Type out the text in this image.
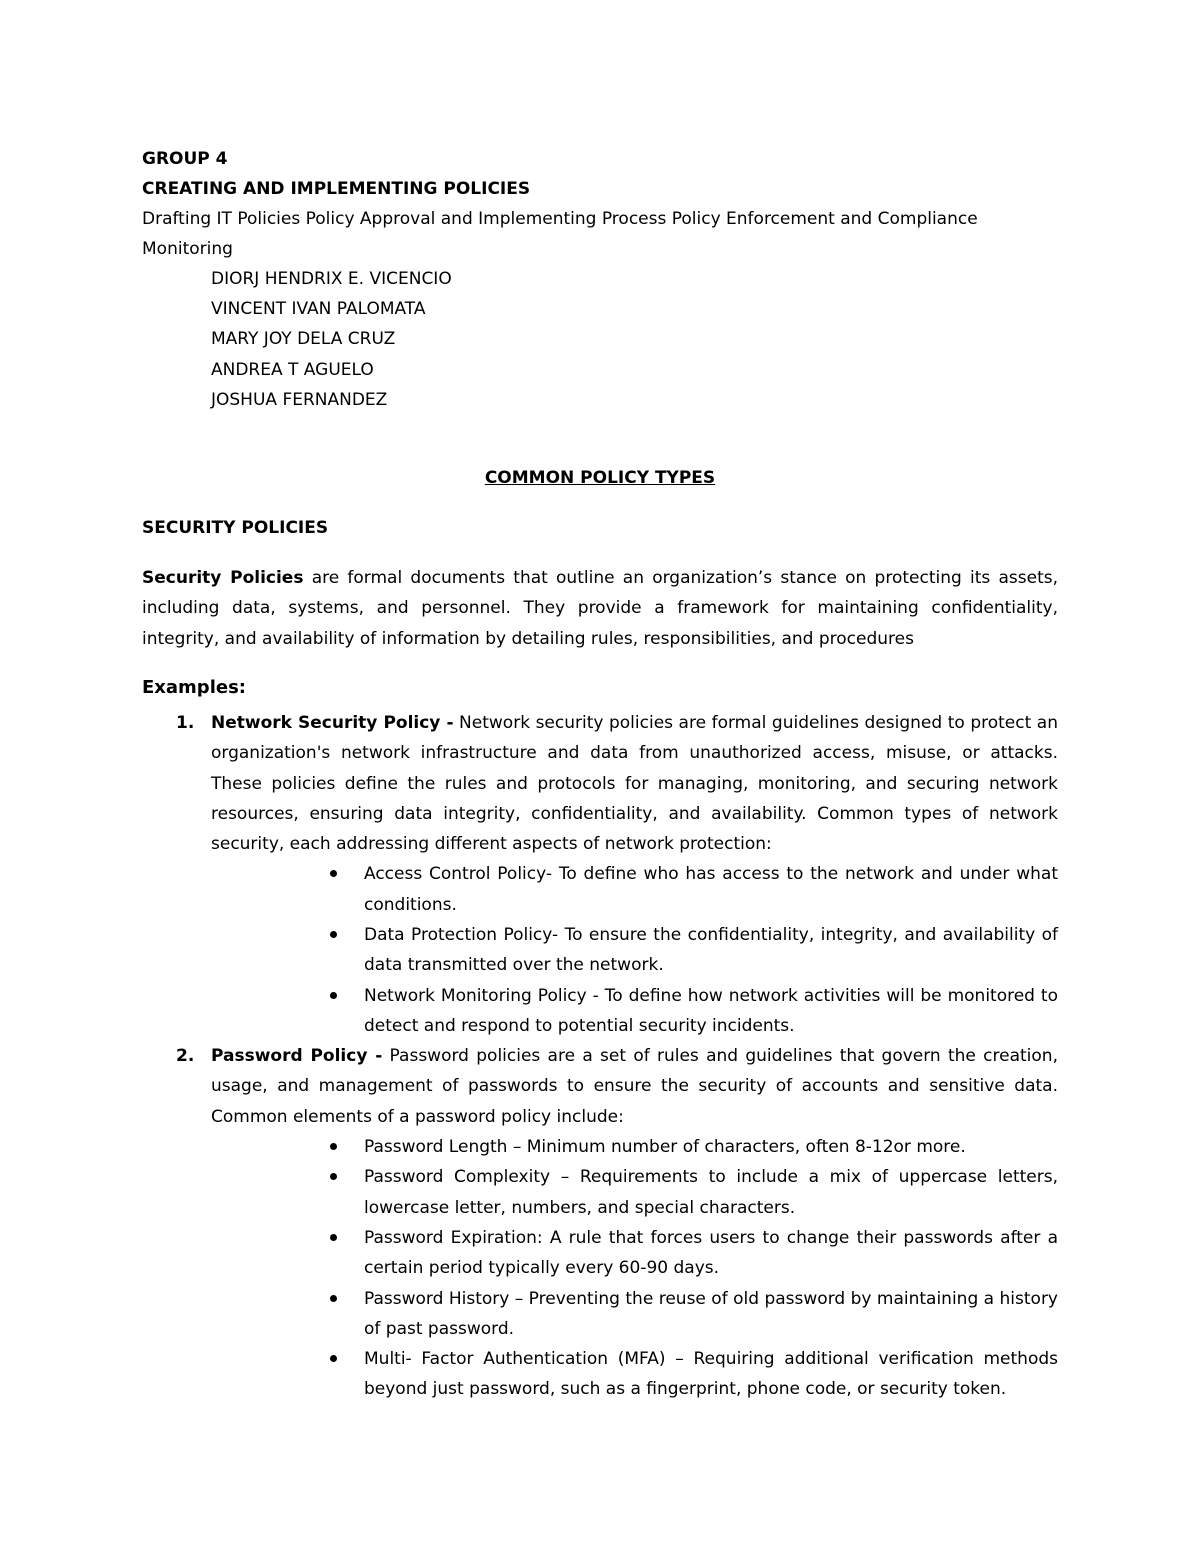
GROUP 4
CREATING AND IMPLEMENTING POLICIES
Drafting IT Policies Policy Approval and Implementing Process Policy Enforcement and Compliance
Monitoring
DIORJ HENDRIX E. VICENCIO
VINCENT IVAN PALOMATA
MARY JOY DELA CRUZ
ANDREA T AGUELO
JOSHUA FERNANDEZ
COMMON POLICY TYPES
SECURITY POLICIES
Security Policies are formal documents that outline an organization’s stance on protecting its assets, including data, systems, and personnel. They provide a framework for maintaining confidentiality, integrity, and availability of information by detailing rules, responsibilities, and procedures
Examples:
1. Network Security Policy - Network security policies are formal guidelines designed to protect an organization's network infrastructure and data from unauthorized access, misuse, or attacks. These policies define the rules and protocols for managing, monitoring, and securing network resources, ensuring data integrity, confidentiality, and availability. Common types of network security, each addressing different aspects of network protection:
Access Control Policy- To define who has access to the network and under what conditions.
Data Protection Policy- To ensure the confidentiality, integrity, and availability of data transmitted over the network.
Network Monitoring Policy - To define how network activities will be monitored to detect and respond to potential security incidents.
2. Password Policy - Password policies are a set of rules and guidelines that govern the creation, usage, and management of passwords to ensure the security of accounts and sensitive data. Common elements of a password policy include:
Password Length – Minimum number of characters, often 8-12or more.
Password Complexity – Requirements to include a mix of uppercase letters, lowercase letter, numbers, and special characters.
Password Expiration: A rule that forces users to change their passwords after a certain period typically every 60-90 days.
Password History – Preventing the reuse of old password by maintaining a history of past password.
Multi- Factor Authentication (MFA) – Requiring additional verification methods beyond just password, such as a fingerprint, phone code, or security token.
